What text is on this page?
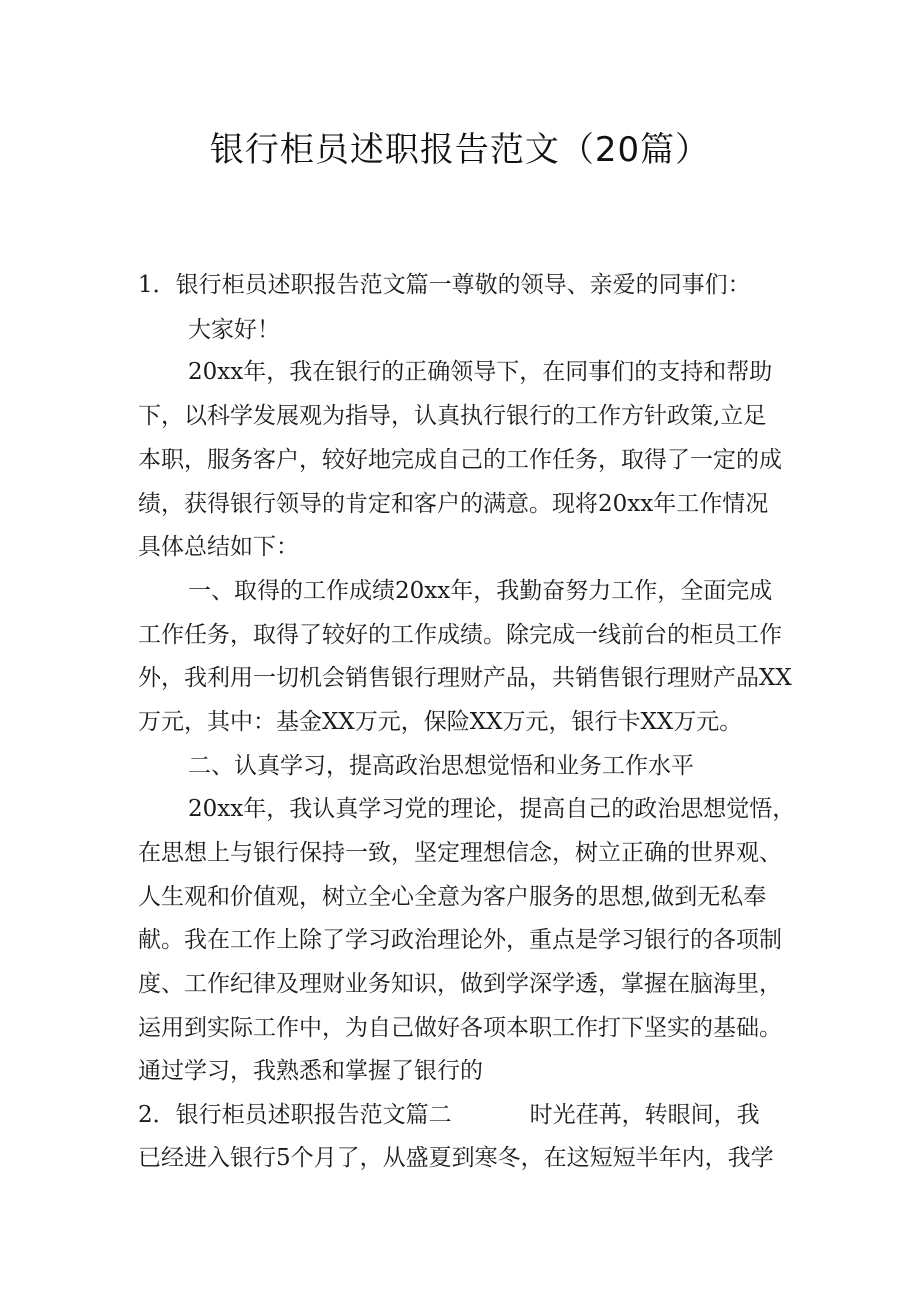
银行柜员述职报告范文（20篇）
1．银行柜员述职报告范文篇一尊敬的领导、亲爱的同事们：
大家好！
20xx年，我在银行的正确领导下，在同事们的支持和帮助
下，以科学发展观为指导，认真执行银行的工作方针政策,立足
本职，服务客户，较好地完成自己的工作任务，取得了一定的成
绩，获得银行领导的肯定和客户的满意。现将20xx年工作情况
具体总结如下：
一、取得的工作成绩20xx年，我勤奋努力工作，全面完成
工作任务，取得了较好的工作成绩。除完成一线前台的柜员工作
外，我利用一切机会销售银行理财产品，共销售银行理财产品XX
万元，其中：基金XX万元，保险XX万元，银行卡XX万元。
二、认真学习，提高政治思想觉悟和业务工作水平
20xx年，我认真学习党的理论，提高自己的政治思想觉悟，
在思想上与银行保持一致，坚定理想信念，树立正确的世界观、
人生观和价值观，树立全心全意为客户服务的思想,做到无私奉
献。我在工作上除了学习政治理论外，重点是学习银行的各项制
度、工作纪律及理财业务知识，做到学深学透，掌握在脑海里，
运用到实际工作中，为自己做好各项本职工作打下坚实的基础。
通过学习，我熟悉和掌握了银行的
2．银行柜员述职报告范文篇二	时光荏苒，转眼间，我
已经进入银行5个月了，从盛夏到寒冬，在这短短半年内，我学
